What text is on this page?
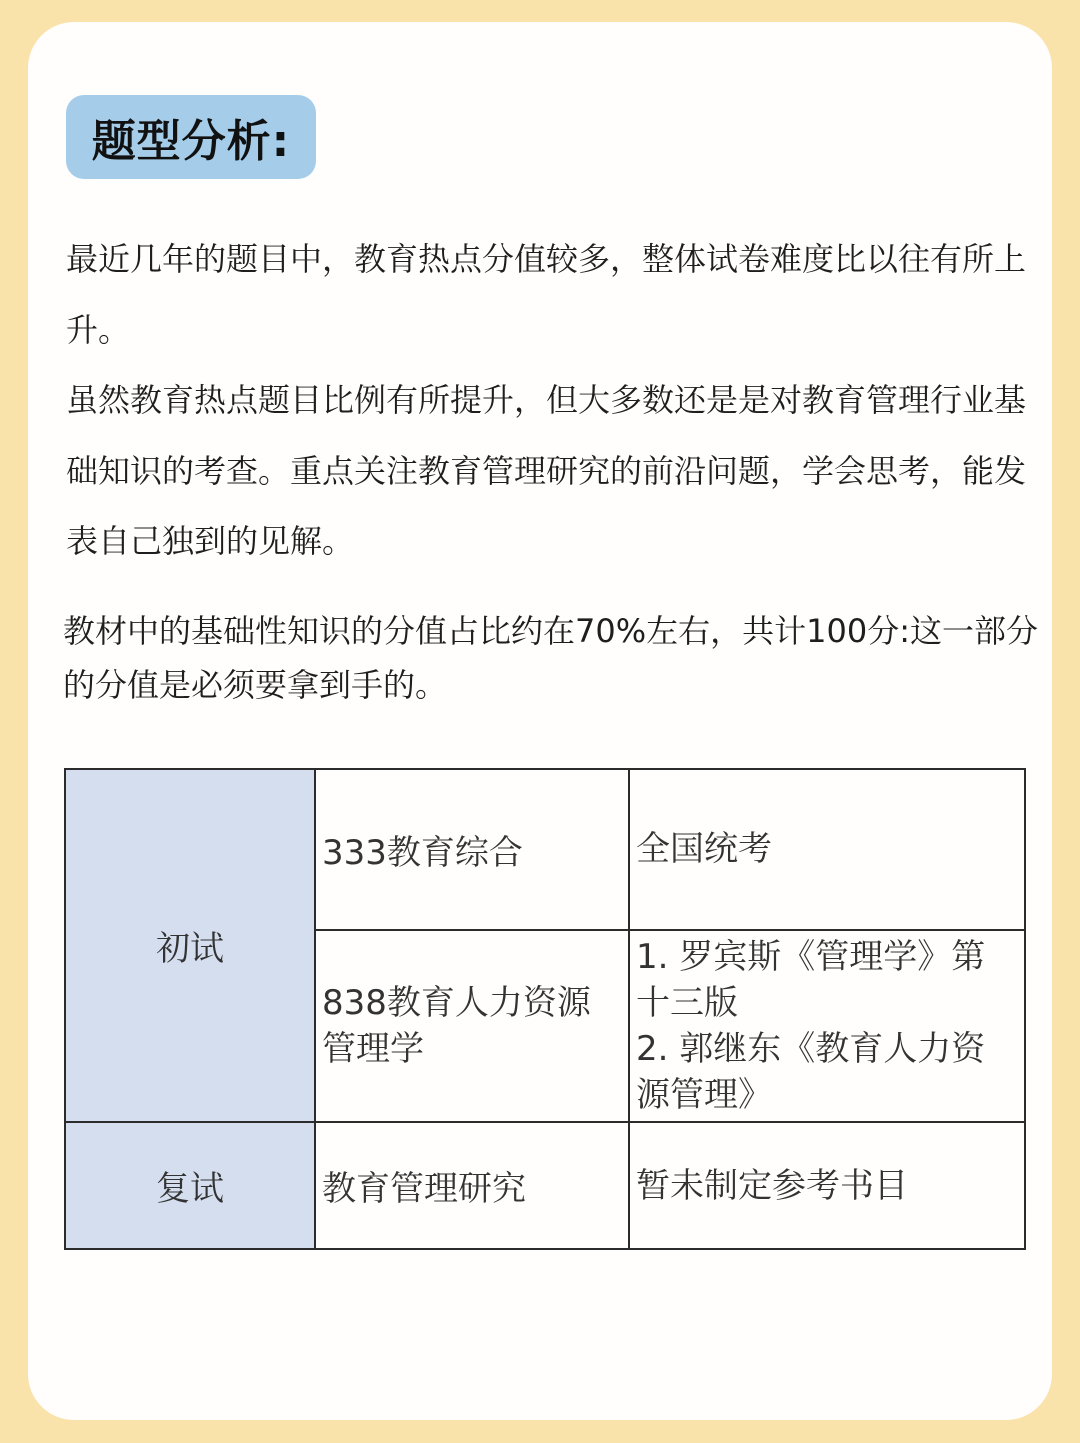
题型分析:

最近几年的题目中，教育热点分值较多，整体试卷难度比以往有所上升。

虽然教育热点题目比例有所提升，但大多数还是是对教育管理行业基础知识的考查。重点关注教育管理研究的前沿问题，学会思考，能发表自己独到的见解。

教材中的基础性知识的分值占比约在70%左右，共计100分:这一部分的分值是必须要拿到手的。

初试	333教育综合	全国统考
	838教育人力资源管理学	1. 罗宾斯《管理学》第十三版
2. 郭继东《教育人力资源管理》

复试	教育管理研究	暂未制定参考书目
